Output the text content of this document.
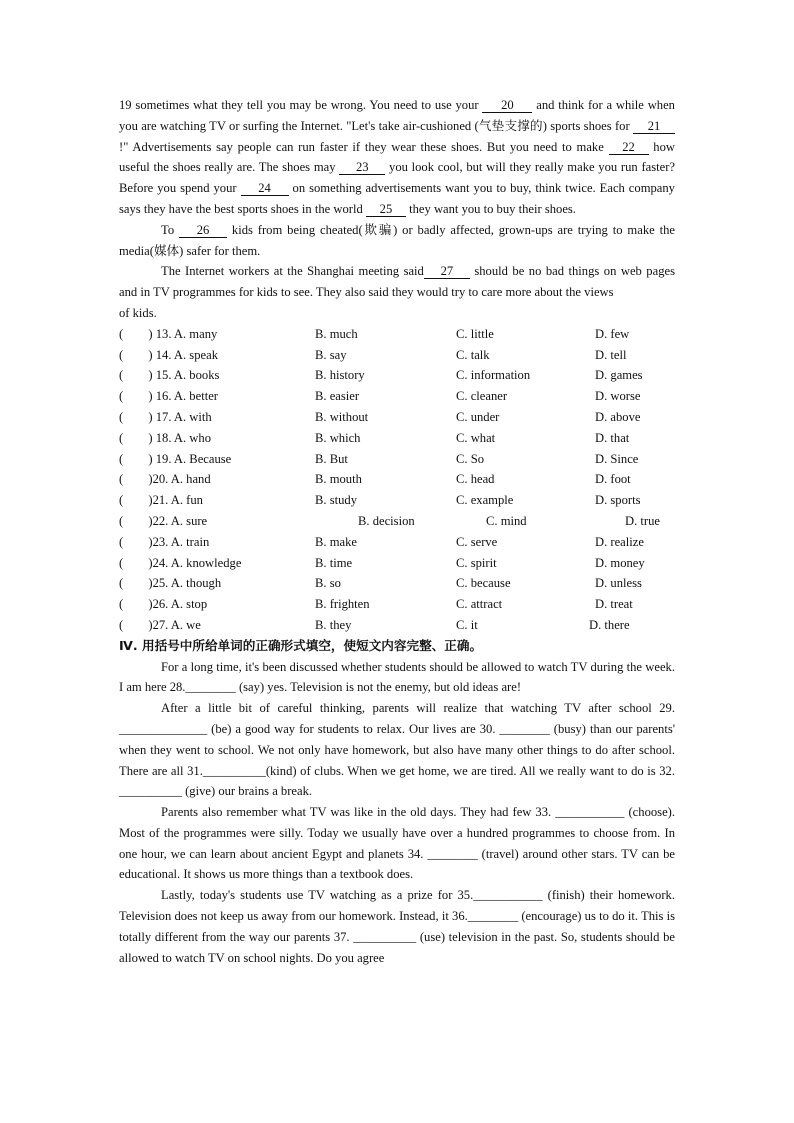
19 sometimes what they tell you may be wrong. You need to use your 20 and think for a while when you are watching TV or surfing the Internet. "Let's take air-cushioned (气垫支撑的) sports shoes for 21 !" Advertisements say people can run faster if they wear these shoes. But you need to make 22 how useful the shoes really are. The shoes may 23 you look cool, but will they really make you run faster? Before you spend your 24 on something advertisements want you to buy, think twice. Each company says they have the best sports shoes in the world 25 they want you to buy their shoes.

To 26 kids from being cheated(欺骗) or badly affected, grown-ups are trying to make the media(媒体) safer for them.

The Internet workers at the Shanghai meeting said 27 should be no bad things on web pages and in TV programmes for kids to see. They also said they would try to care more about the views

of kids.

(　　) 13. A. many	B. much	C. little	D. few
(　　) 14. A. speak	B. say	C. talk	D. tell
(　　) 15. A. books	B. history	C. information	D. games
(　　) 16. A. better	B. easier	C. cleaner	D. worse
(　　) 17. A. with	B. without	C. under	D. above
(　　) 18. A. who	B. which	C. what	D. that
(　　) 19. A. Because	B. But	C. So	D. Since
(　　)20. A. hand	B. mouth	C. head	D. foot
(　　)21. A. fun	B. study	C. example	D. sports
(　　)22. A. sure	B. decision	C. mind	D. true
(　　)23. A. train	B. make	C. serve	D. realize
(　　)24. A. knowledge	B. time	C. spirit	D. money
(　　)25. A. though	B. so	C. because	D. unless
(　　)26. A. stop	B. frighten	C. attract	D. treat
(　　)27. A. we	B. they	C. it	D. there

Ⅳ. 用括号中所给单词的正确形式填空，使短文内容完整、正确。

For a long time, it's been discussed whether students should be allowed to watch TV during the week. I am here 28.________ (say) yes. Television is not the enemy, but old ideas are!

After a little bit of careful thinking, parents will realize that watching TV after school 29. ______________ (be) a good way for students to relax. Our lives are 30. ________ (busy) than our parents' when they went to school. We not only have homework, but also have many other things to do after school. There are all 31.__________(kind) of clubs. When we get home, we are tired. All we really want to do is 32. __________ (give) our brains a break.

Parents also remember what TV was like in the old days. They had few 33. ___________ (choose). Most of the programmes were silly. Today we usually have over a hundred programmes to choose from. In one hour, we can learn about ancient Egypt and planets 34. ________ (travel) around other stars. TV can be educational. It shows us more things than a textbook does.

Lastly, today's students use TV watching as a prize for 35.___________ (finish) their homework. Television does not keep us away from our homework. Instead, it 36.________ (encourage) us to do it. This is totally different from the way our parents 37. __________ (use) television in the past. So, students should be allowed to watch TV on school nights. Do you agree
